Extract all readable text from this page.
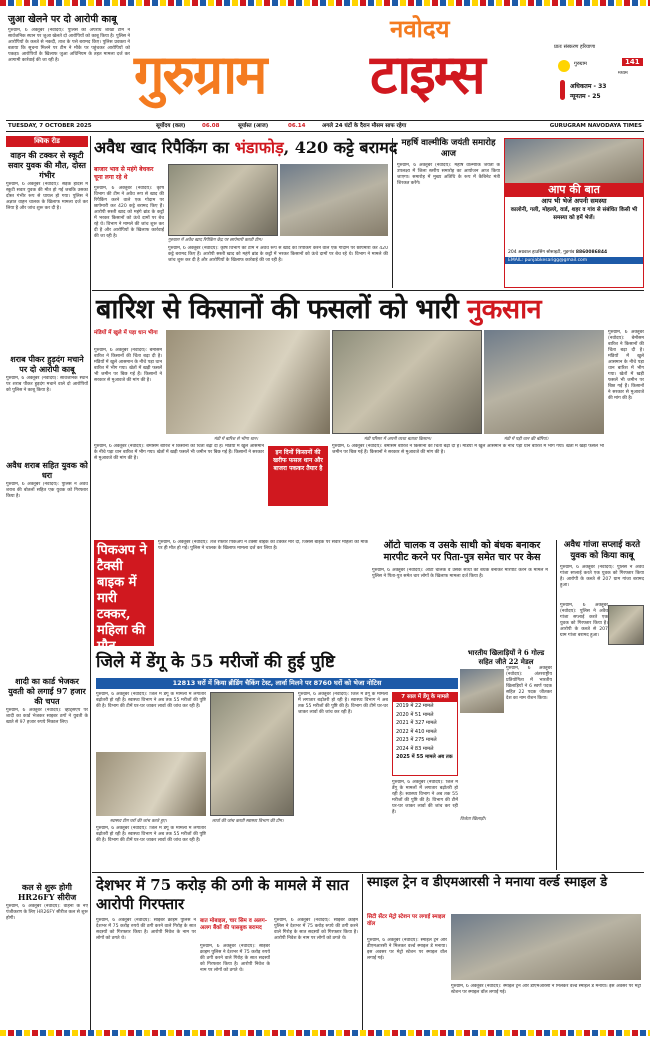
जुआ खेलने पर दो आरोपी काबू
गुरुग्राम, 6 अक्तूबर (नवोदय): पुलिस की अपराध शाखा टीम ने सार्वजनिक स्थान पर जुआ खेलते दो आरोपियों को काबू किया है। पुलिस ने आरोपियों के कब्जे से नकदी, ताश के पत्ते बरामद किए। पुलिस प्रवक्ता ने बताया कि सूचना मिलने पर टीम ने मौके पर पहुंचकर आरोपियों को पकड़ा। आरोपियों के खिलाफ जुआ अधिनियम के तहत मामला दर्ज कर आगामी कार्रवाई की जा रही है।
नवोदय
गुरुग्राम टाइम्स	प्रातः संस्करण हरियाणा
गुरुग्राम	141
मध्यम
अधिकतम - 33
न्यूनतम - 25
TUESDAY, 7 OCTOBER 2025	सूर्योदय (कल)	06.08	सूर्यास्त (आज)	06.14	अगले 24 घंटों के दैरान मौसम साफ रहेगा	GURUGRAM NAVODAYA TIMES
क्विक रीड
वाहन की टक्कर से स्कूटी सवार युवक की मौत, दोस्त गंभीर
गुरुग्राम, 6 अक्तूबर (नवोदय): सड़क हादसे में स्कूटी सवार युवक की मौत हो गई जबकि उसका दोस्त गंभीर रूप से घायल हो गया। पुलिस ने अज्ञात वाहन चालक के खिलाफ मामला दर्ज कर लिया है और जांच शुरू कर दी है।
शराब पीकर हुड़दंग मचाने पर दो आरोपी काबू
गुरुग्राम, 6 अक्तूबर (नवोदय): सार्वजनिक स्थान पर शराब पीकर हुड़दंग मचाने वाले दो आरोपियों को पुलिस ने काबू किया है।
अवैध शराब सहित युवक को धरा
गुरुग्राम, 6 अक्तूबर (नवोदय): पुलिस ने अवैध शराब की बोतलों सहित एक युवक को गिरफ्तार किया है।
शादी का कार्ड भेजकर युवती को लगाई 97 हजार की चपत
गुरुग्राम, 6 अक्तूबर (नवोदय): व्हाट्सएप पर शादी का कार्ड भेजकर साइबर ठगों ने युवती के खाते से 97 हजार रुपये निकाल लिए।
कल से शुरू होगी HR26FY सीरीज
गुरुग्राम, 6 अक्तूबर (नवोदय): वाहनों के नए पंजीकरण के लिए HR26FY सीरीज कल से शुरू होगी।
अवैध खाद रिपैकिंग का भंडाफोड़, 420 कट्टे बरामद
बाजार भाव से महंगे बेचकर चूना लगा रहे थे
गुरुग्राम, 6 अक्तूबर (नवोदय): कृषि विभाग की टीम ने अवैध रूप से खाद की रिपैकिंग करने वाले एक गोदाम पर छापेमारी कर 420 कट्टे बरामद किए हैं। आरोपी सस्ती खाद को महंगे ब्रांड के कट्टों में भरकर किसानों को ऊंचे दामों पर बेच रहे थे। विभाग ने मामले की जांच शुरू कर दी है और आरोपियों के खिलाफ कार्रवाई की जा रही है।
गुरुग्राम में अवैध खाद रिपैकिंग केंद्र पर छापेमारी करती टीम।
गुरुग्राम, 6 अक्तूबर (नवोदय): कृषि विभाग की टीम ने अवैध रूप से खाद की रिपैकिंग करने वाले एक गोदाम पर छापेमारी कर 420 कट्टे बरामद किए हैं। आरोपी सस्ती खाद को महंगे ब्रांड के कट्टों में भरकर किसानों को ऊंचे दामों पर बेच रहे थे। विभाग ने मामले की जांच शुरू कर दी है और आरोपियों के खिलाफ कार्रवाई की जा रही है।
महर्षि वाल्मीकि जयंती समारोह आज
गुरुग्राम, 6 अक्तूबर (नवोदय): महर्षि वाल्मीकि जयंती के उपलक्ष्य में जिला स्तरीय समारोह का आयोजन आज किया जाएगा। समारोह में मुख्य अतिथि के रूप में कैबिनेट मंत्री शिरकत करेंगे।	आप की बात
आप भी भेजें अपनी समस्या
कालोनी, गली, मोहल्ले, वार्ड, शहर व गांव से संबंधित किसी भी समस्या को हमें भेजें।
204 अग्रवाल हाउसिंग सोसाइटी, गुड़गांव 8860086844
EMAIL: punjabkesarigg@gmail.com
बारिश से किसानों की फसलों को भारी नुकसान
मंडियों में खुले में पड़ा धान भीगा
गुरुग्राम, 6 अक्तूबर (नवोदय): बेमौसम बारिश ने किसानों की चिंता बढ़ा दी है। मंडियों में खुले आसमान के नीचे पड़ा धान बारिश में भीग गया। खेतों में खड़ी फसलें भी जमीन पर बिछ गई हैं। किसानों ने सरकार से मुआवजे की मांग की है।
गुरुग्राम, 6 अक्तूबर (नवोदय): बेमौसम बारिश ने किसानों की चिंता बढ़ा दी है। मंडियों में खुले आसमान के नीचे पड़ा धान बारिश में भीग गया। खेतों में खड़ी फसलें भी जमीन पर बिछ गई हैं। किसानों ने सरकार से मुआवजे की मांग की है।
मंडी में बारिश से भीगा धान।	मंडी परिसर में अपनी व्यथा बताता किसान।	मंडी में पड़ी धान की बोरियां।
गुरुग्राम, 6 अक्तूबर (नवोदय): बेमौसम बारिश ने किसानों की चिंता बढ़ा दी है। मंडियों में खुले आसमान के नीचे पड़ा धान बारिश में भीग गया। खेतों में खड़ी फसलें भी जमीन पर बिछ गई हैं। किसानों ने सरकार से मुआवजे की मांग की है।
इन दिनों किसानों की खरीफ फसल धान और बाजरा पककर तैयार है
गुरुग्राम, 6 अक्तूबर (नवोदय): बेमौसम बारिश ने किसानों की चिंता बढ़ा दी है। मंडियों में खुले आसमान के नीचे पड़ा धान बारिश में भीग गया। खेतों में खड़ी फसलें भी जमीन पर बिछ गई हैं। किसानों ने सरकार से मुआवजे की मांग की है।
पिकअप ने टैक्सी बाइक में मारी टक्कर, महिला की मौत
गुरुग्राम, 6 अक्तूबर (नवोदय): तेज रफ्तार पिकअप ने टैक्सी बाइक को टक्कर मार दी, जिससे बाइक पर सवार महिला की मौके पर ही मौत हो गई। पुलिस ने चालक के खिलाफ मामला दर्ज कर लिया है।	ऑटो चालक व उसके साथी को बंधक बनाकर मारपीट करने पर पिता-पुत्र समेत चार पर केस
गुरुग्राम, 6 अक्तूबर (नवोदय): ऑटो चालक व उसके साथी को बंधक बनाकर मारपीट करने के मामले में पुलिस ने पिता-पुत्र समेत चार लोगों के खिलाफ मामला दर्ज किया है।
अवैध गांजा सप्लाई करते युवक को किया काबू
गुरुग्राम, 6 अक्तूबर (नवोदय): पुलिस ने अवैध गांजा सप्लाई करते एक युवक को गिरफ्तार किया है। आरोपी के कब्जे से 207 ग्राम गांजा बरामद हुआ।
गुरुग्राम, 6 अक्तूबर (नवोदय): पुलिस ने अवैध गांजा सप्लाई करते एक युवक को गिरफ्तार किया है। आरोपी के कब्जे से 207 ग्राम गांजा बरामद हुआ।
भारतीय खिलाड़ियों ने 6 गोल्ड सहित जीते 22 मेडल
गुरुग्राम, 6 अक्तूबर (नवोदय): अंतरराष्ट्रीय प्रतियोगिता में भारतीय खिलाड़ियों ने 6 स्वर्ण पदक सहित 22 पदक जीतकर देश का नाम रोशन किया।
विजेता खिलाड़ी।
जिले में डेंगू के 55 मरीजों की हुई पुष्टि
12813 घरों में किया ब्रीडिंग चैकिंग टेस्ट, लार्वा मिलने पर 8760 घरों को भेजा नोटिस
गुरुग्राम, 6 अक्तूबर (नवोदय): जिले में डेंगू के मामलों में लगातार बढ़ोतरी हो रही है। स्वास्थ्य विभाग ने अब तक 55 मरीजों की पुष्टि की है। विभाग की टीमें घर-घर जाकर लार्वा की जांच कर रही हैं।
स्वास्थ्य टीम घरों की जांच करते हुए।
गुरुग्राम, 6 अक्तूबर (नवोदय): जिले में डेंगू के मामलों में लगातार बढ़ोतरी हो रही है। स्वास्थ्य विभाग ने अब तक 55 मरीजों की पुष्टि की है। विभाग की टीमें घर-घर जाकर लार्वा की जांच कर रही हैं।
गुरुग्राम, 6 अक्तूबर (नवोदय): जिले में डेंगू के मामलों में लगातार बढ़ोतरी हो रही है। स्वास्थ्य विभाग ने अब तक 55 मरीजों की पुष्टि की है। विभाग की टीमें घर-घर जाकर लार्वा की जांच कर रही हैं।
लार्वा की जांच करती स्वास्थ्य विभाग की टीम।
7 साल में डेंगू के मामले
2019 में 22 मामले
2020 में 51 मामले
2021 में 327 मामले
2022 में 410 मामले
2023 में 275 मामले
2024 में 83 मामले
2025 में 55 मामले अब तक
गुरुग्राम, 6 अक्तूबर (नवोदय): जिले में डेंगू के मामलों में लगातार बढ़ोतरी हो रही है। स्वास्थ्य विभाग ने अब तक 55 मरीजों की पुष्टि की है। विभाग की टीमें घर-घर जाकर लार्वा की जांच कर रही हैं।
देशभर में 75 करोड़ की ठगी के मामले में सात आरोपी गिरफ्तार
गुरुग्राम, 6 अक्तूबर (नवोदय): साइबर क्राइम पुलिस ने देशभर में 75 करोड़ रुपये की ठगी करने वाले गिरोह के सात सदस्यों को गिरफ्तार किया है। आरोपी निवेश के नाम पर लोगों को ठगते थे।
बात मोबाइल, चार सिम व अलग-अलग बैंकों की पासबुक बरामद
गुरुग्राम, 6 अक्तूबर (नवोदय): साइबर क्राइम पुलिस ने देशभर में 75 करोड़ रुपये की ठगी करने वाले गिरोह के सात सदस्यों को गिरफ्तार किया है। आरोपी निवेश के नाम पर लोगों को ठगते थे।
गुरुग्राम, 6 अक्तूबर (नवोदय): साइबर क्राइम पुलिस ने देशभर में 75 करोड़ रुपये की ठगी करने वाले गिरोह के सात सदस्यों को गिरफ्तार किया है। आरोपी निवेश के नाम पर लोगों को ठगते थे।
स्माइल ट्रेन व डीएमआरसी ने मनाया वर्ल्ड स्माइल डे
सिटी सेंटर मेट्रो स्टेशन पर लगाई स्माइल वॉल
गुरुग्राम, 6 अक्तूबर (नवोदय): स्माइल ट्रेन और डीएमआरसी ने मिलकर वर्ल्ड स्माइल डे मनाया। इस अवसर पर मेट्रो स्टेशन पर स्माइल वॉल लगाई गई।
गुरुग्राम, 6 अक्तूबर (नवोदय): स्माइल ट्रेन और डीएमआरसी ने मिलकर वर्ल्ड स्माइल डे मनाया। इस अवसर पर मेट्रो स्टेशन पर स्माइल वॉल लगाई गई।
